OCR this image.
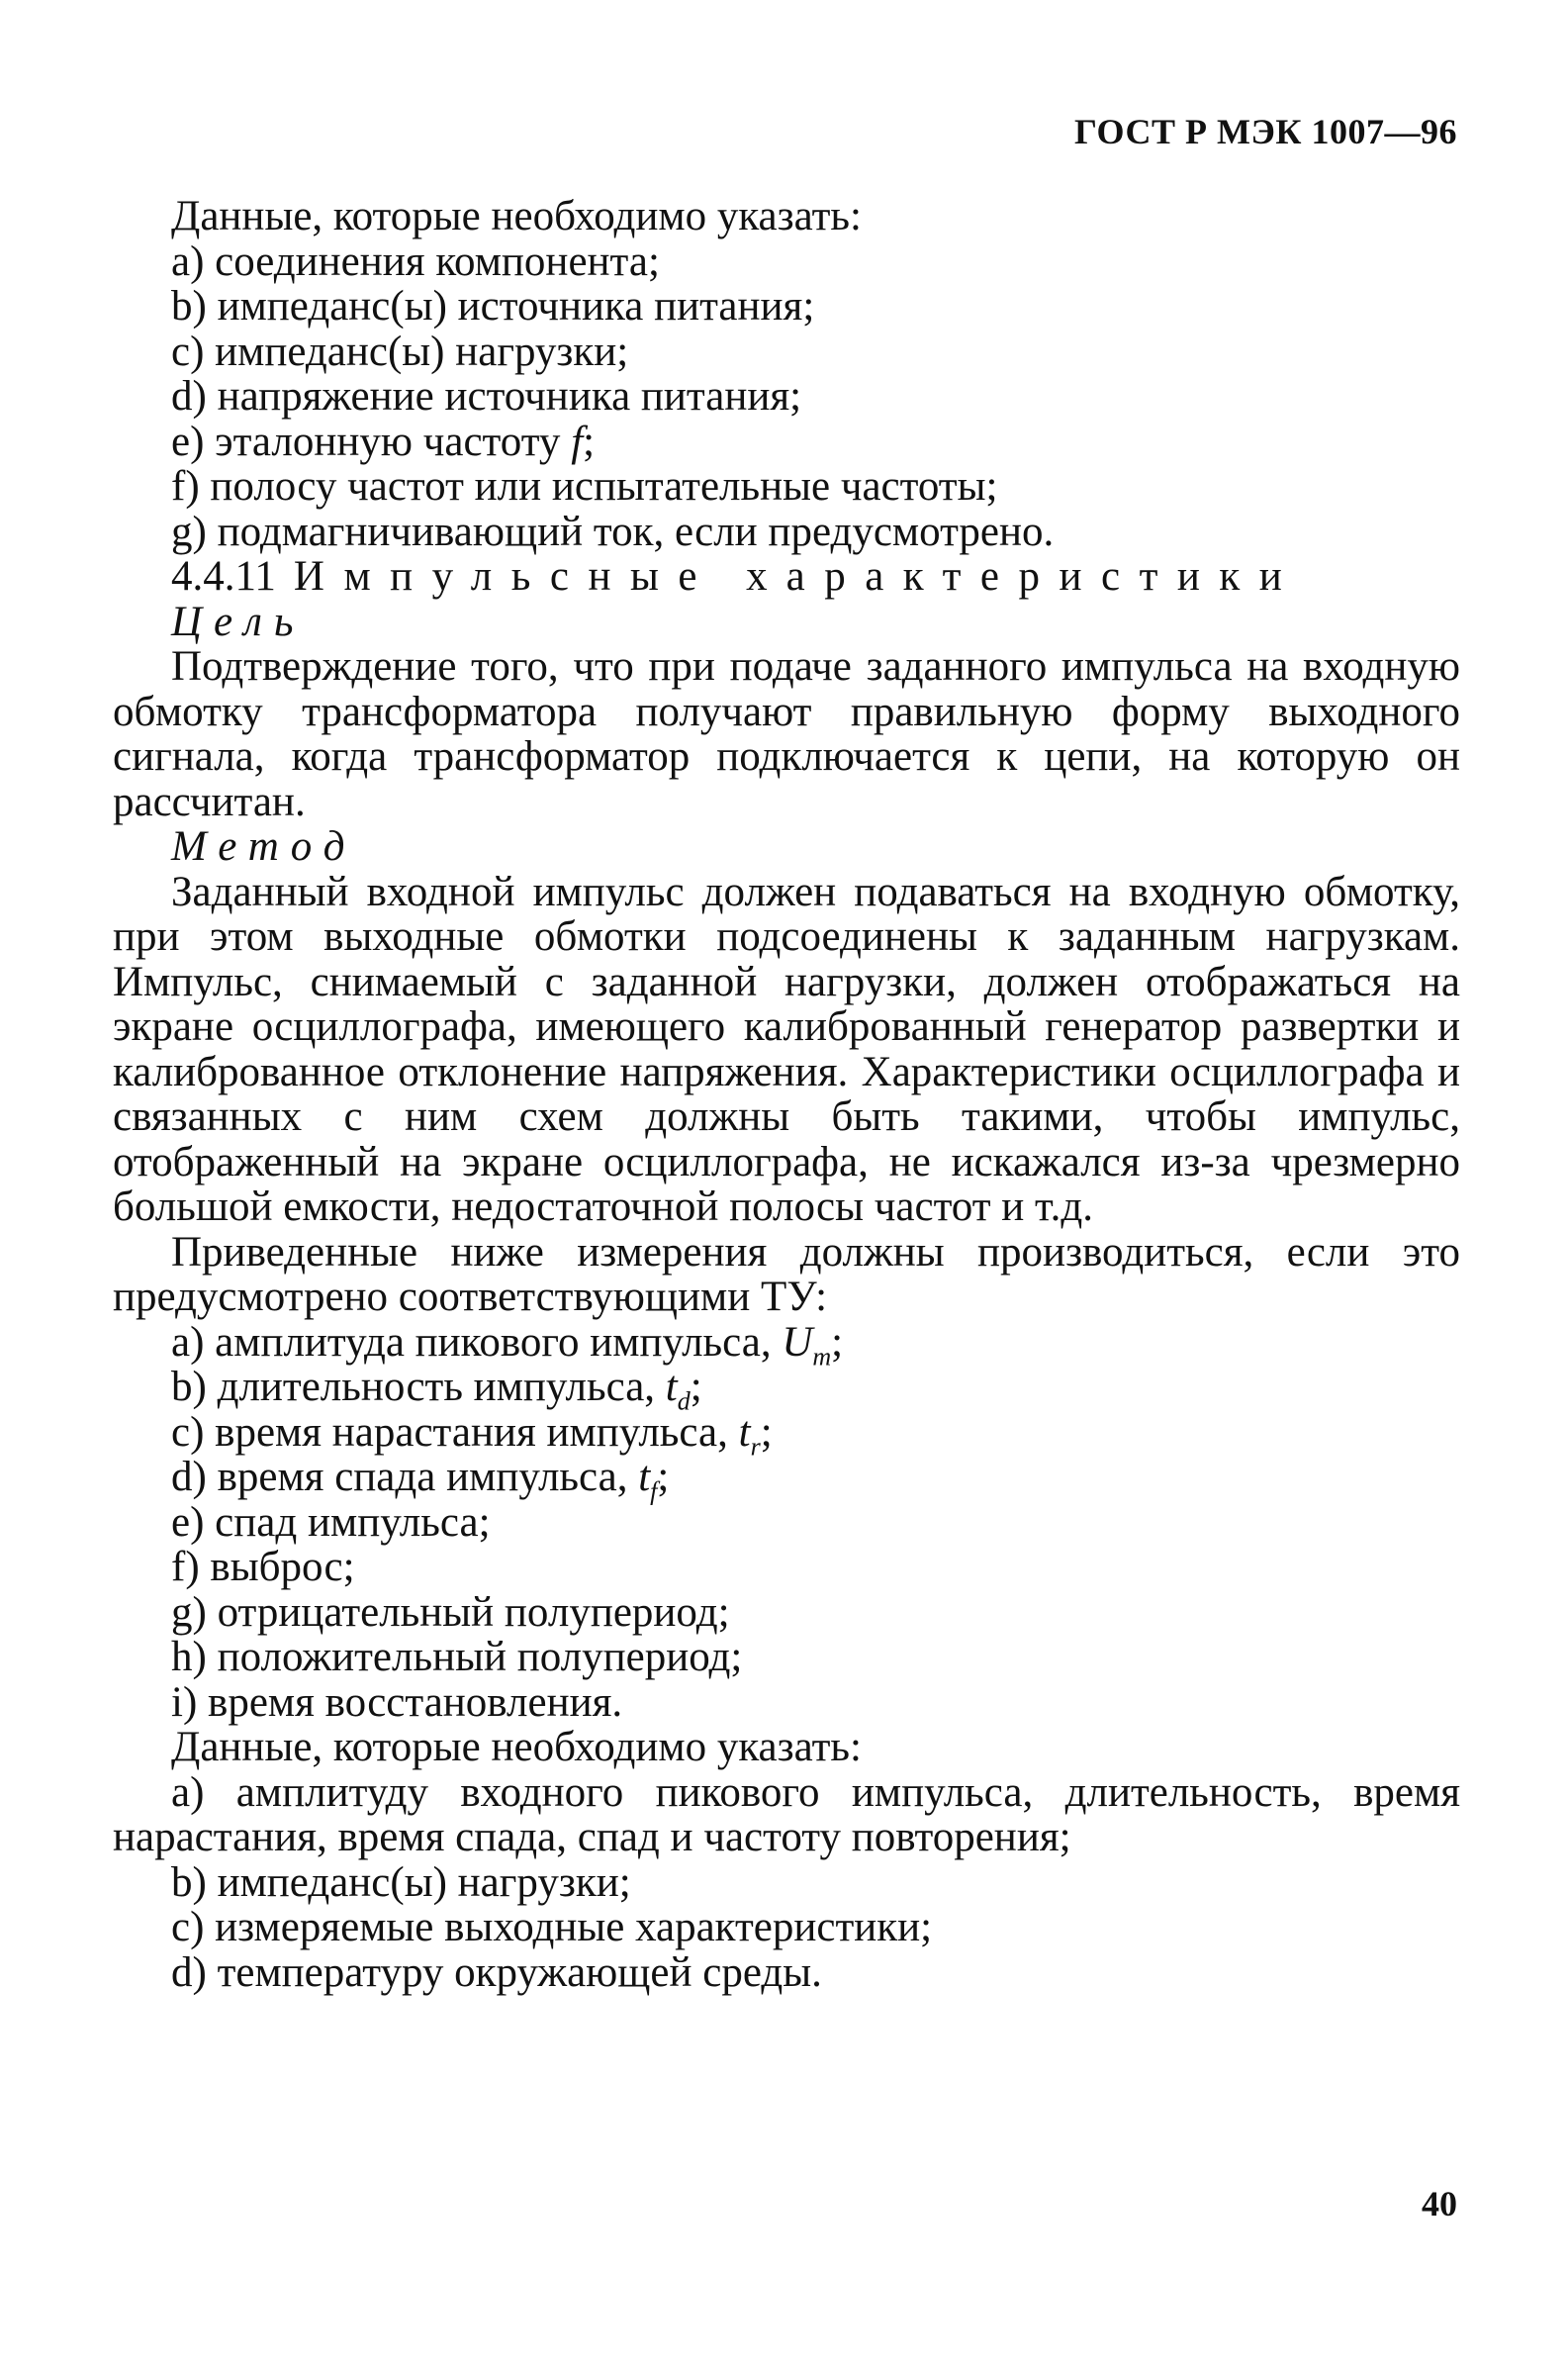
ГОСТ Р МЭК 1007—96

Данные, которые необходимо указать:

а) соединения компонента;

b) импеданс(ы) источника питания;

с) импеданс(ы) нагрузки;

d) напряжение источника питания;

е) эталонную частоту f;

f) полосу частот или испытательные частоты;

g) подмагничивающий ток, если предусмотрено.

4.4.11 Импульсные характеристики

Цель

Подтверждение того, что при подаче заданного импульса на входную обмотку трансформатора получают правильную форму выходного сигнала, когда трансформатор подключается к цепи, на которую он рассчитан.

Метод

Заданный входной импульс должен подаваться на входную обмотку, при этом выходные обмотки подсоединены к заданным нагрузкам. Импульс, снимаемый с заданной нагрузки, должен отображаться на экране осциллографа, имеющего калиброванный генератор развертки и калиброванное отклонение напряжения. Характеристики осциллографа и связанных с ним схем должны быть такими, чтобы импульс, отображенный на экране осциллографа, не искажался из-за чрезмерно большой емкости, недостаточной полосы частот и т.д.

Приведенные ниже измерения должны производиться, если это предусмотрено соответствующими ТУ:

а) амплитуда пикового импульса, $U_m$;

b) длительность импульса, $t_d$;

с) время нарастания импульса, $t_r$;

d) время спада импульса, $t_f$;

е) спад импульса;

f) выброс;

g) отрицательный полупериод;

h) положительный полупериод;

i) время восстановления.

Данные, которые необходимо указать:

а) амплитуду входного пикового импульса, длительность, время нарастания, время спада, спад и частоту повторения;

b) импеданс(ы) нагрузки;

с) измеряемые выходные характеристики;

d) температуру окружающей среды.

40
